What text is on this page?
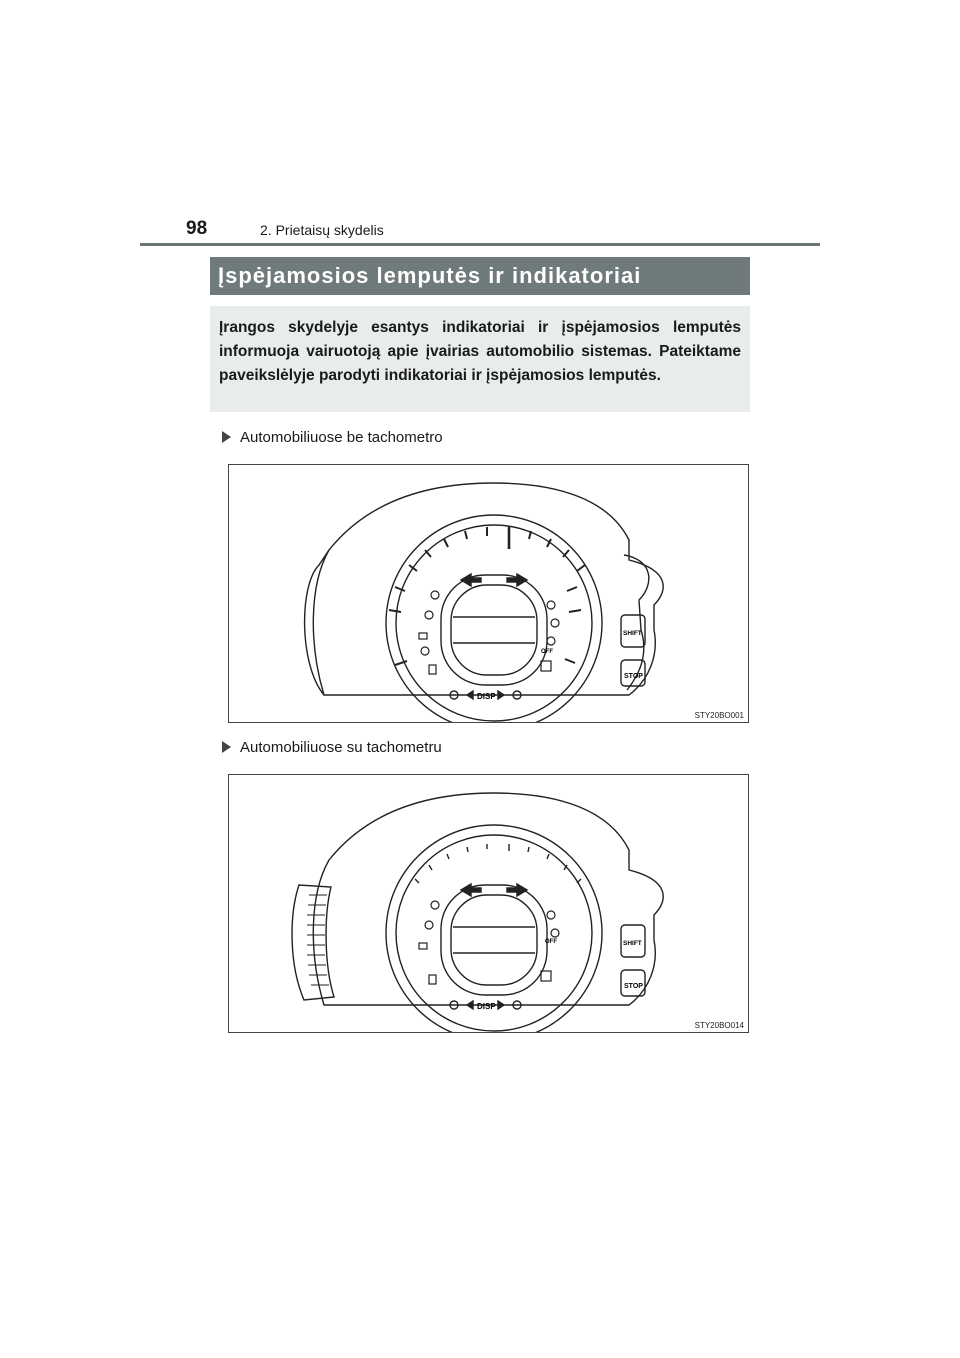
98	2. Prietaisų skydelis
Įspėjamosios lemputės ir indikatoriai
Įrangos skydelyje esantys indikatoriai ir įspėjamosios lemputės informuoja vairuotoją apie įvairias automobilio sistemas. Pateiktame paveikslėlyje parodyti indikatoriai ir įspėjamosios lemputės.
Automobiliuose be tachometro
DISP
SHIFT
STOP
OFF
STY20BO001
Automobiliuose su tachometru
DISP
SHIFT
STOP
OFF
STY20BO014
